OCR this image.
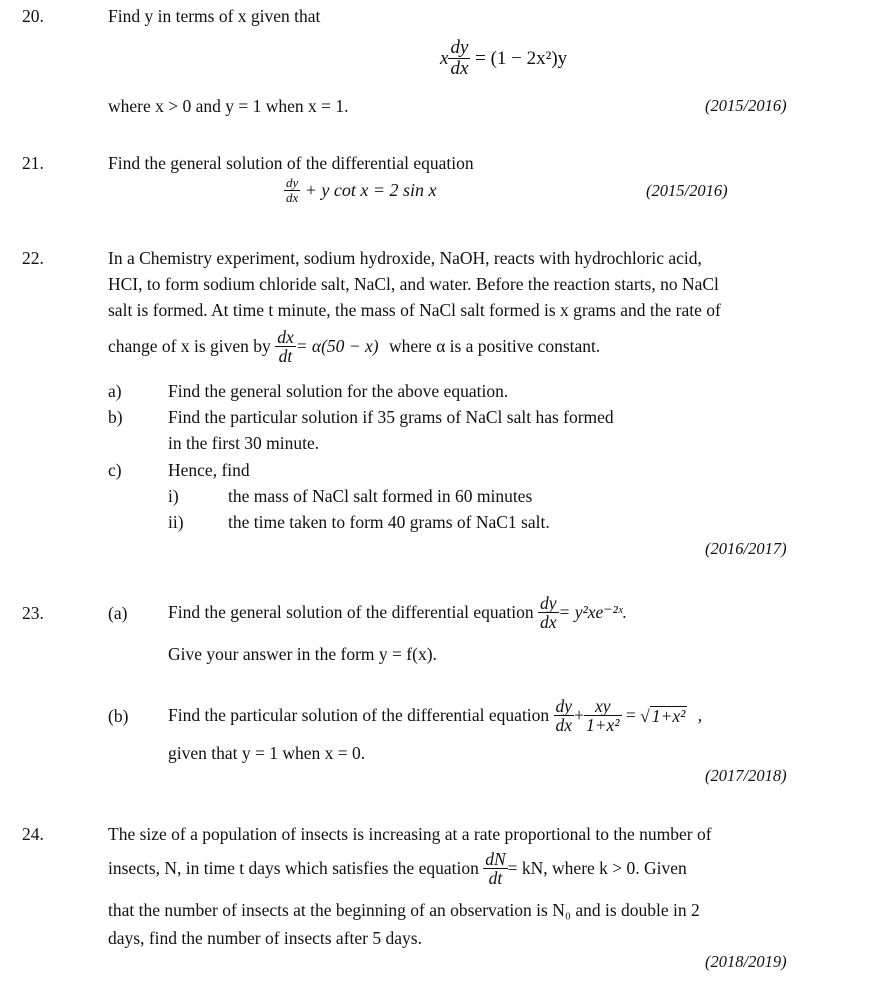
20.	Find y in terms of x given that
x $\frac{dy}{dx} = (1 - 2x^2)y$
where x > 0 and y = 1 when x = 1.	(2015/2016)
21.	Find the general solution of the differential equation
$\frac{dy}{dx} + y$ cot x = 2 sin x	(2015/2016)
22.	In a Chemistry experiment, sodium hydroxide, NaOH, reacts with hydrochloric acid,
HCI, to form sodium chloride salt, NaCl, and water. Before the reaction starts, no NaCl
salt is formed. At time t minute, the mass of NaCl salt formed is x grams and the rate of
change of x is given by $\frac{dx}{dt} = \alpha(50 - x)$ where α is a positive constant.
a)	Find the general solution for the above equation.
b)	Find the particular solution if 35 grams of NaCl salt has formed
in the first 30 minute.
c)	Hence, find
i)	the mass of NaCl salt formed in 60 minutes
ii)	the time taken to form 40 grams of NaC1 salt.
(2016/2017)
23.	(a) Find the general solution of the differential equation $\frac{dy}{dx}$ = y²xe⁻²ˣ.
Give your answer in the form y = f(x).
(b) Find the particular solution of the differential equation $\frac{dy}{dx} + \frac{xy}{\text{1+x²}}$ = √ 1+x² ,
given that y = 1 when x = 0.
(2017/2018)
24.	The size of a population of insects is increasing at a rate proportional to the number of
insects, N, in time t days which satisfies the equation $\frac{dN}{dt}$ = kN, where k > 0. Given
that the number of insects at the beginning of an observation is N₀ and is double in 2
days, find the number of insects after 5 days.
(2018/2019)
